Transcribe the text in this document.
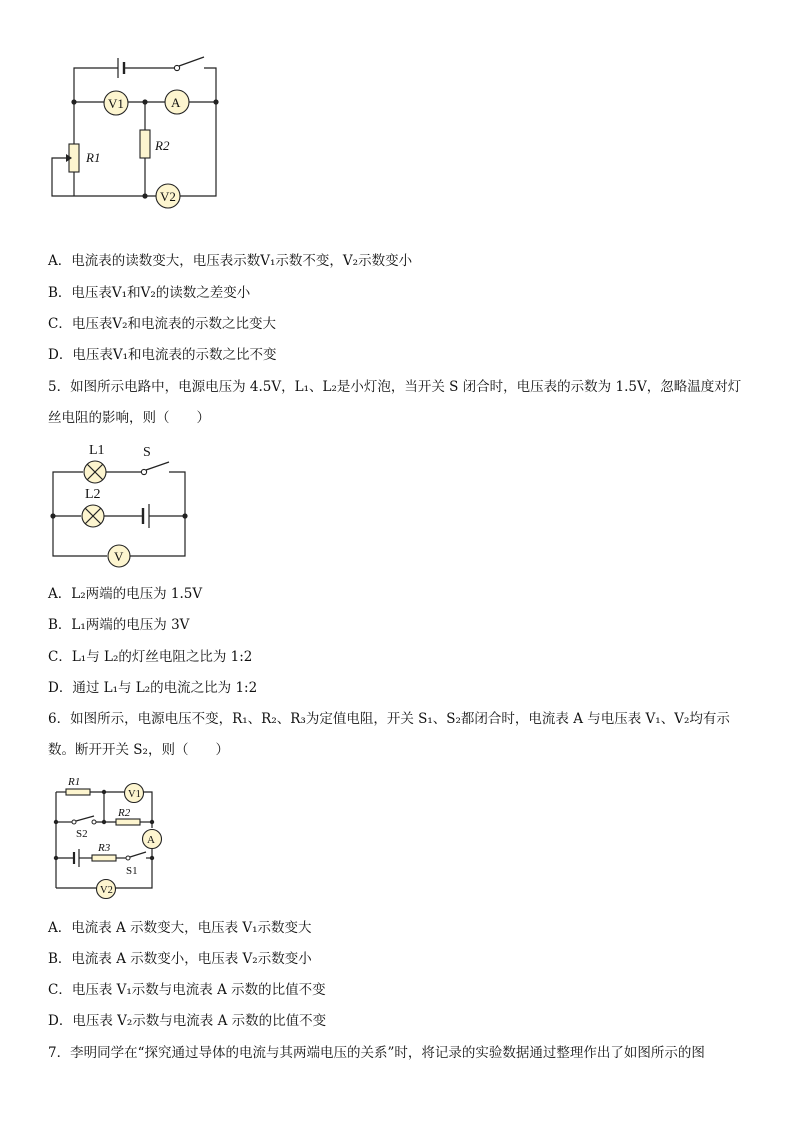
V1	A
R1
R2
V2
A．电流表的读数变大，电压表示数V₁示数不变，V₂示数变小
B．电压表V₁和V₂的读数之差变小
C．电压表V₂和电流表的示数之比变大
D．电压表V₁和电流表的示数之比不变
5．如图所示电路中，电源电压为 4.5V，L₁、L₂是小灯泡，当开关 S 闭合时，电压表的示数为 1.5V，忽略温度对灯
丝电阻的影响，则（　　）
L1	S
L2
V
A．L₂两端的电压为 1.5V
B．L₁两端的电压为 3V
C．L₁与 L₂的灯丝电阻之比为 1:2
D．通过 L₁与 L₂的电流之比为 1:2
6．如图所示，电源电压不变，R₁、R₂、R₃为定值电阻，开关 S₁、S₂都闭合时，电流表 A 与电压表 V₁、V₂均有示
数。断开开关 S₂，则（　　）
R1
V1
R2
S2	A
R3
S1
V2
A．电流表 A 示数变大，电压表 V₁示数变大
B．电流表 A 示数变小，电压表 V₂示数变小
C．电压表 V₁示数与电流表 A 示数的比值不变
D．电压表 V₂示数与电流表 A 示数的比值不变
7．李明同学在“探究通过导体的电流与其两端电压的关系”时，将记录的实验数据通过整理作出了如图所示的图
